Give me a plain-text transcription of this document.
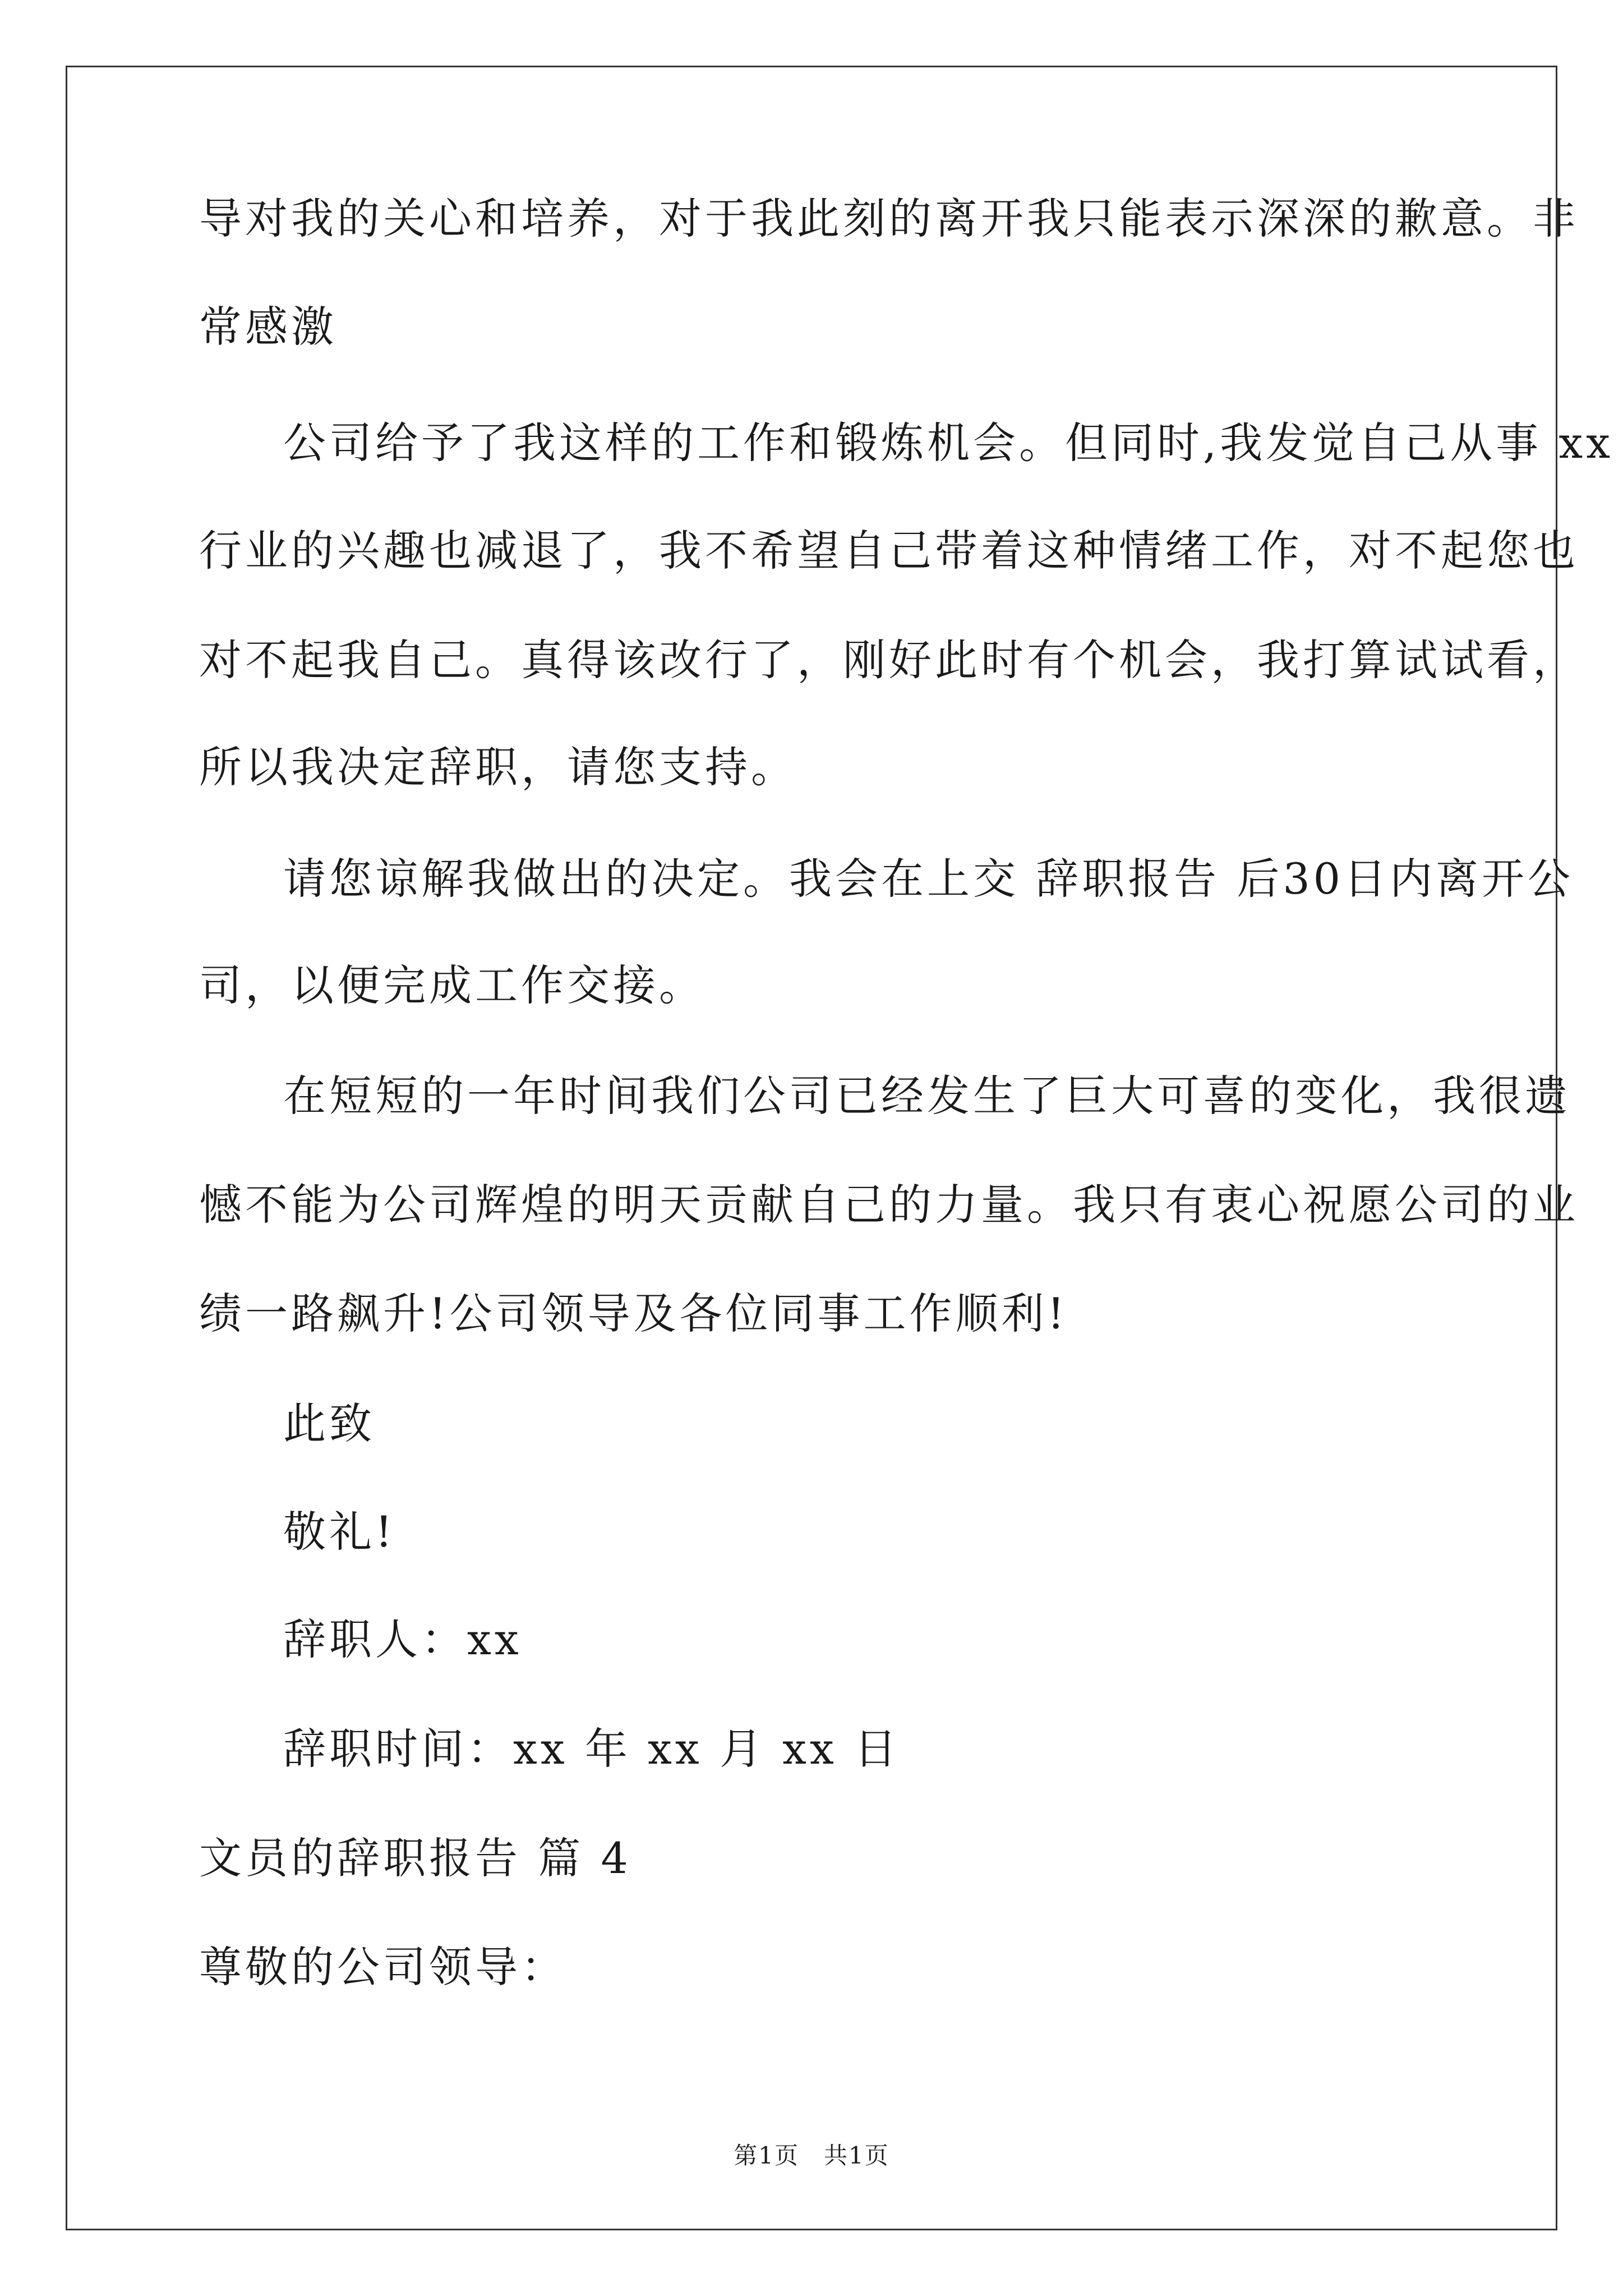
导对我的关心和培养，对于我此刻的离开我只能表示深深的歉意。非
常感激
公司给予了我这样的工作和锻炼机会。但同时,我发觉自己从事 xx
行业的兴趣也减退了，我不希望自己带着这种情绪工作，对不起您也
对不起我自己。真得该改行了，刚好此时有个机会，我打算试试看，
所以我决定辞职，请您支持。
请您谅解我做出的决定。我会在上交 辞职报告 后30日内离开公
司，以便完成工作交接。
在短短的一年时间我们公司已经发生了巨大可喜的变化，我很遗
憾不能为公司辉煌的明天贡献自己的力量。我只有衷心祝愿公司的业
绩一路飙升!公司领导及各位同事工作顺利!
此致
敬礼!
辞职人：xx
辞职时间：xx 年 xx 月 xx 日
文员的辞职报告 篇 4
尊敬的公司领导：
第1页　共1页
